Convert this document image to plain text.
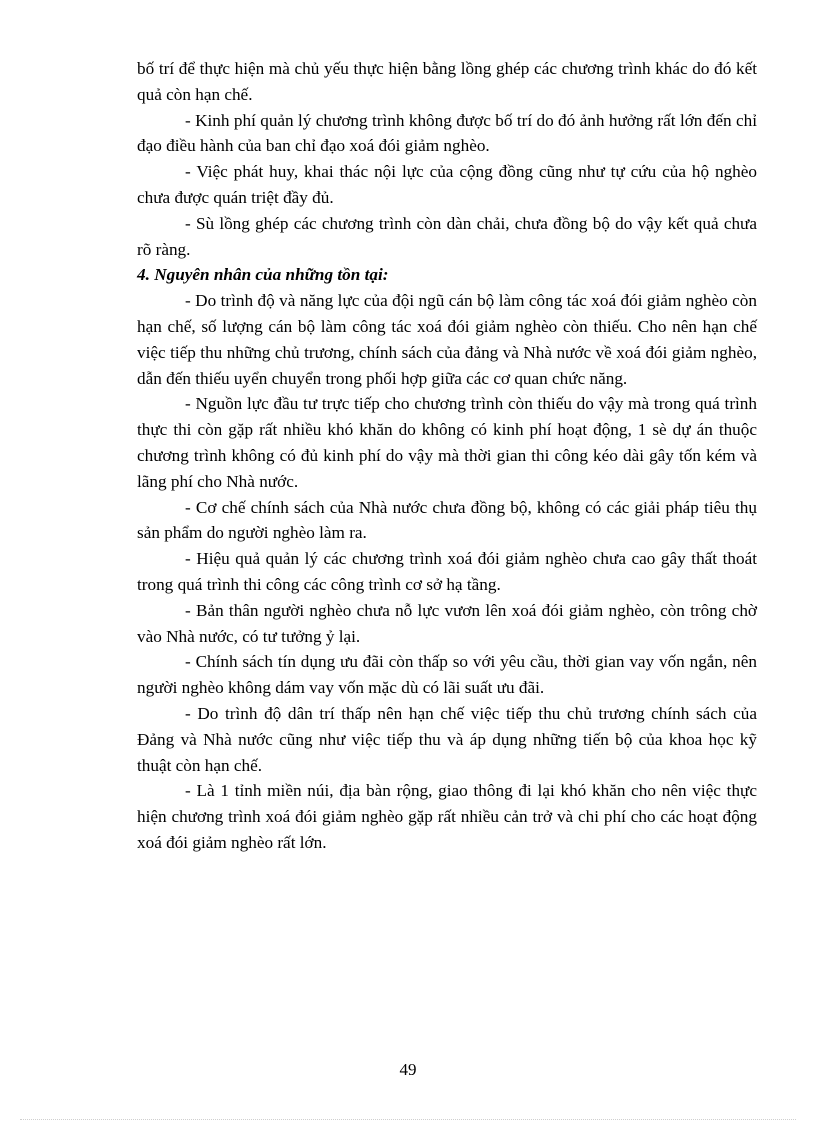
bố trí để thực hiện mà chủ yếu thực hiện bằng lồng ghép các chương trình khác do đó kết quả còn hạn chế.

- Kinh phí quản lý chương trình không được bố trí do đó ảnh hưởng rất lớn đến chỉ đạo điều hành của ban chỉ đạo xoá đói giảm nghèo.

- Việc phát huy, khai thác nội lực của cộng đồng cũng như tự cứu của hộ nghèo chưa được quán triệt đầy đủ.

- Sù lồng ghép các chương trình còn dàn chải, chưa đồng bộ do vậy kết quả chưa rõ ràng.

4. Nguyên nhân của những tồn tại:

- Do trình độ và năng lực của đội ngũ cán bộ làm công tác xoá đói giảm nghèo còn hạn chế, số lượng cán bộ làm công tác xoá đói giảm nghèo còn thiếu. Cho nên hạn chế việc tiếp thu những chủ trương, chính sách của đảng và Nhà nước về xoá đói giảm nghèo, dẫn đến thiếu uyển chuyển trong phối hợp giữa các cơ quan chức năng.

- Nguồn lực đầu tư trực tiếp cho chương trình còn thiếu do vậy mà trong quá trình thực thi còn gặp rất nhiều khó khăn do không có kinh phí hoạt động, 1 sè dự án thuộc chương trình không có đủ kinh phí do vậy mà thời gian thi công kéo dài gây tốn kém và lãng phí cho Nhà nước.

- Cơ chế chính sách của Nhà nước chưa đồng bộ, không có các giải pháp tiêu thụ sản phẩm do người nghèo làm ra.

- Hiệu quả quản lý các chương trình xoá đói giảm nghèo chưa cao gây thất thoát trong quá trình thi công các công trình cơ sở hạ tầng.

- Bản thân người nghèo chưa nỗ lực vươn lên xoá đói giảm nghèo, còn trông chờ vào Nhà nước, có tư tưởng ỷ lại.

- Chính sách tín dụng ưu đãi còn thấp so với yêu cầu, thời gian vay vốn ngắn, nên người nghèo không dám vay vốn mặc dù có lãi suất ưu đãi.

- Do trình độ dân trí thấp nên hạn chế việc tiếp thu chủ trương chính sách của Đảng và Nhà nước cũng như việc tiếp thu và áp dụng những tiến bộ của khoa học kỹ thuật còn hạn chế.

- Là 1 tỉnh miền núi, địa bàn rộng, giao thông đi lại khó khăn cho nên việc thực hiện chương trình xoá đói giảm nghèo gặp rất nhiều cản trở và chi phí cho các hoạt động xoá đói giảm nghèo rất lớn.

49
